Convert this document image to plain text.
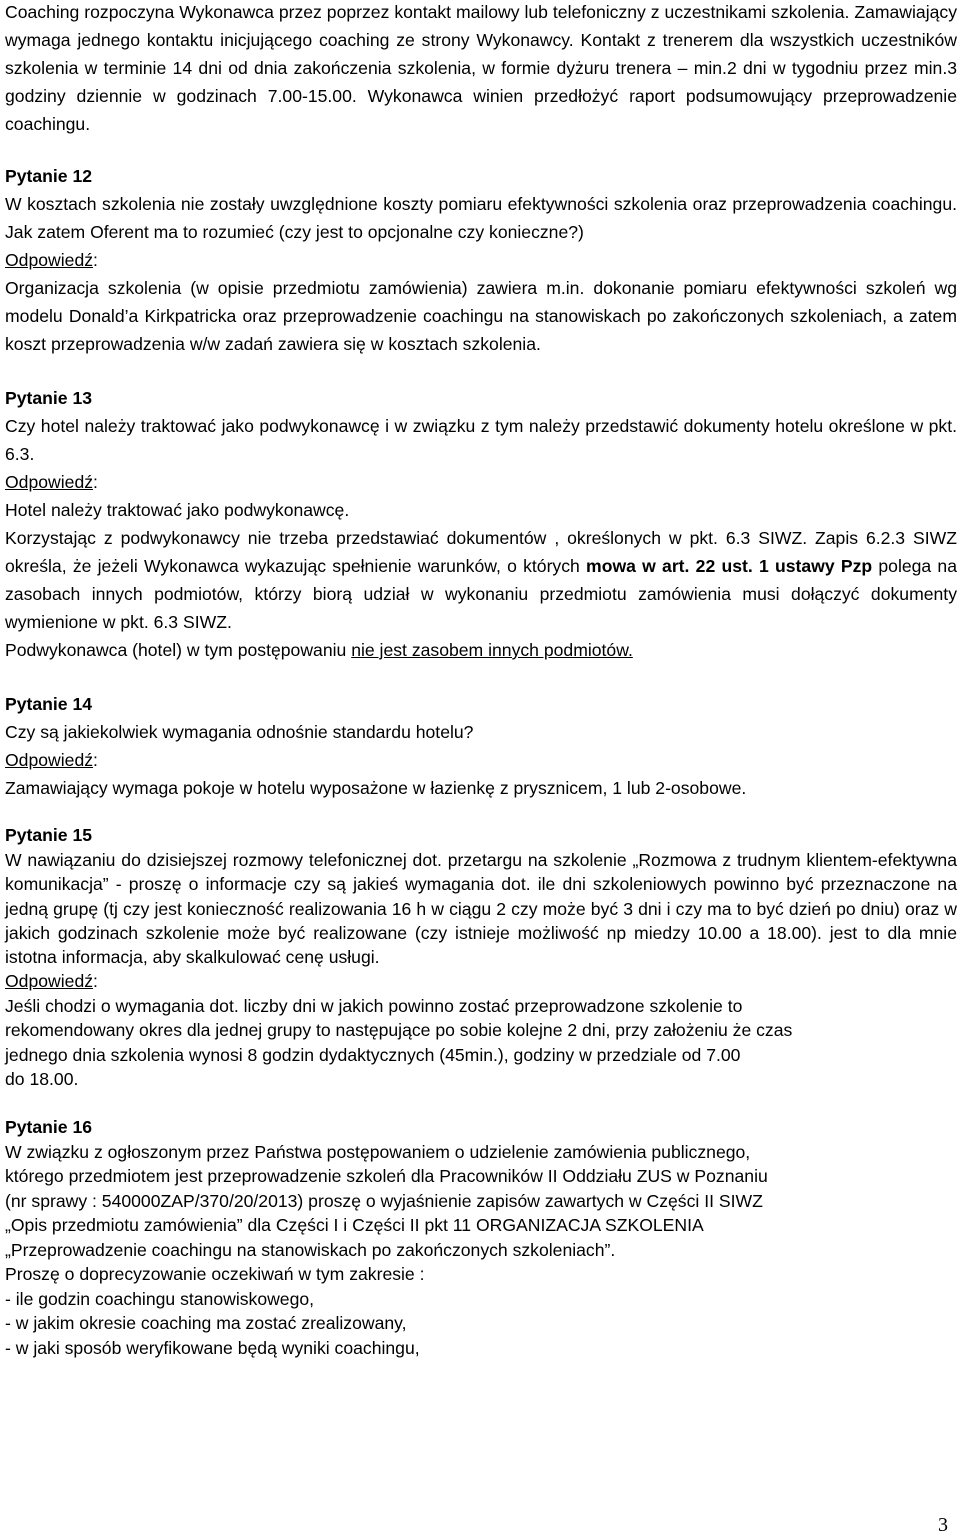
Coaching rozpoczyna Wykonawca przez poprzez kontakt mailowy lub telefoniczny z uczestnikami szkolenia. Zamawiający wymaga jednego kontaktu inicjującego coaching ze strony Wykonawcy. Kontakt z trenerem dla wszystkich uczestników szkolenia w terminie 14 dni od dnia zakończenia szkolenia, w formie dyżuru trenera – min.2 dni w tygodniu przez min.3 godziny dziennie w godzinach 7.00-15.00. Wykonawca winien przedłożyć raport podsumowujący przeprowadzenie coachingu.

Pytanie 12

W kosztach szkolenia nie zostały uwzględnione koszty pomiaru efektywności szkolenia oraz przeprowadzenia coachingu. Jak zatem Oferent ma to rozumieć (czy jest to opcjonalne czy konieczne?)

Odpowiedź:

Organizacja szkolenia (w opisie przedmiotu zamówienia) zawiera m.in. dokonanie pomiaru efektywności szkoleń wg modelu Donald’a Kirkpatricka oraz przeprowadzenie coachingu na stanowiskach po zakończonych szkoleniach, a zatem koszt przeprowadzenia w/w zadań zawiera się w kosztach szkolenia.

Pytanie 13

Czy hotel należy traktować jako podwykonawcę i w związku z tym należy przedstawić dokumenty hotelu określone w pkt. 6.3.

Odpowiedź:

Hotel należy traktować jako podwykonawcę.

Korzystając z podwykonawcy nie trzeba przedstawiać dokumentów , określonych w pkt. 6.3 SIWZ. Zapis 6.2.3 SIWZ określa, że jeżeli Wykonawca wykazując spełnienie warunków, o których mowa w art. 22 ust. 1 ustawy Pzp polega na zasobach innych podmiotów, którzy biorą udział w wykonaniu przedmiotu zamówienia musi dołączyć dokumenty wymienione w pkt. 6.3 SIWZ.

Podwykonawca (hotel) w tym postępowaniu nie jest zasobem innych podmiotów.

Pytanie 14

Czy są jakiekolwiek wymagania odnośnie standardu hotelu?

Odpowiedź:

Zamawiający wymaga pokoje w hotelu wyposażone w łazienkę z prysznicem, 1 lub 2-osobowe.

Pytanie 15

W nawiązaniu do dzisiejszej rozmowy telefonicznej dot. przetargu na szkolenie „Rozmowa z trudnym klientem-efektywna komunikacja” - proszę o informacje czy są jakieś wymagania dot. ile dni szkoleniowych powinno być przeznaczone na jedną grupę (tj czy jest konieczność realizowania 16 h w ciągu 2 czy może być 3 dni i czy ma to być dzień po dniu) oraz w jakich godzinach szkolenie może być realizowane (czy istnieje możliwość np miedzy 10.00 a 18.00). jest to dla mnie istotna informacja, aby skalkulować cenę usługi.

Odpowiedź:

Jeśli chodzi o wymagania dot. liczby dni w jakich powinno zostać przeprowadzone szkolenie to

rekomendowany okres dla jednej grupy to następujące po sobie kolejne 2 dni, przy założeniu że czas

jednego dnia szkolenia wynosi 8 godzin dydaktycznych (45min.), godziny w przedziale od 7.00

do 18.00.

Pytanie 16

W związku z ogłoszonym przez Państwa postępowaniem o udzielenie zamówienia publicznego,

którego przedmiotem jest przeprowadzenie szkoleń dla Pracowników II Oddziału ZUS w Poznaniu

(nr sprawy : 540000ZAP/370/20/2013) proszę o wyjaśnienie zapisów zawartych w Części II SIWZ

„Opis przedmiotu zamówienia” dla Części I i Części II pkt 11 ORGANIZACJA SZKOLENIA

„Przeprowadzenie coachingu na stanowiskach po zakończonych szkoleniach”.

Proszę o doprecyzowanie oczekiwań w tym zakresie :

- ile godzin coachingu stanowiskowego,

- w jakim okresie coaching ma zostać zrealizowany,

- w jaki sposób weryfikowane będą wyniki coachingu,

3
